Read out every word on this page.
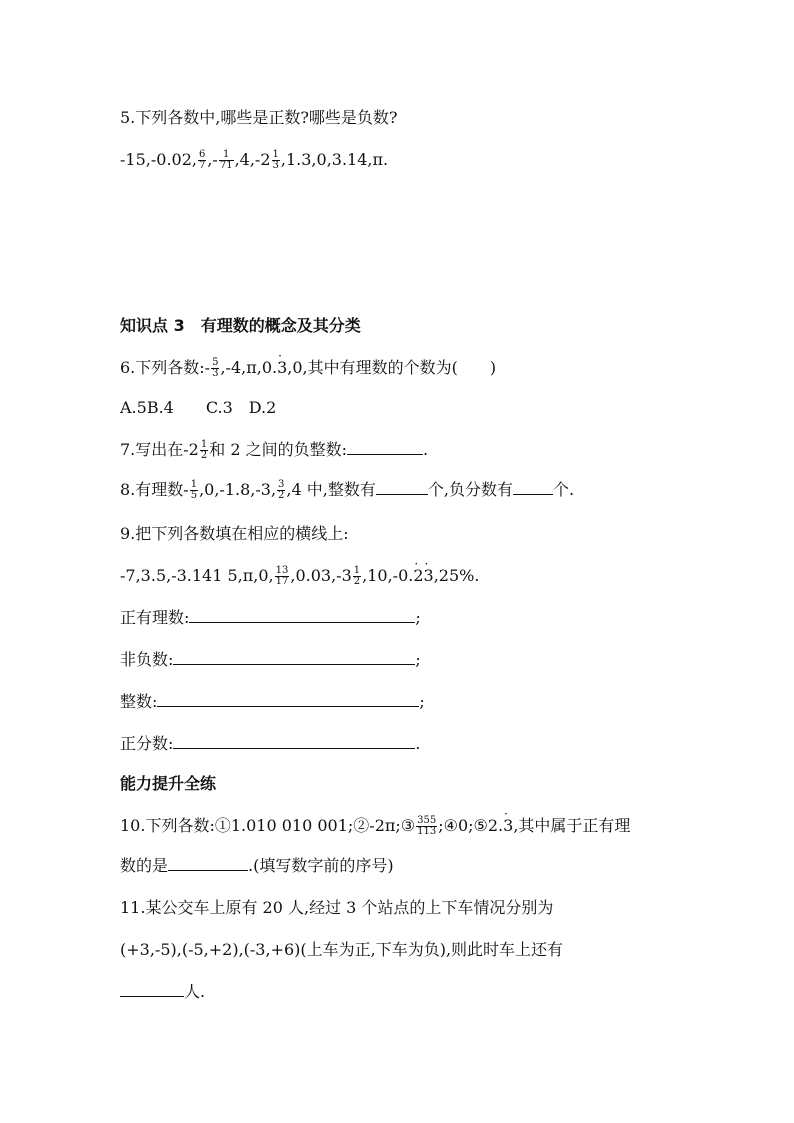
5.下列各数中,哪些是正数?哪些是负数?
-15,-0.02, $\frac{6}{7}$ ,- $\frac{1}{71} ,4,-2 \frac{1}{3} ,1.3,0,3.14,\pi$.
知识点 3　有理数的概念及其分类
6.下列各数:- $\frac{5}{3} ,-4,\pi,0.\cdot 3,0$,其中有理数的个数为(　　)
A.5B.4　　C.3　D.2
7.写出在$-2 \frac{1}{2}$ 和 2 之间的负整数:	.
8.有理数- $\frac{1}{5} ,0,-1.8,-3$, $\frac{3}{2} ,4$ 中,整数有	个,负分数有	个.
9.把下列各数填在相应的横线上:
-7,3.5,-3.141 5,π,0, $\frac{13}{17} ,0.03,-3 \frac{1}{2} ,10,-0.\cdot 2\cdot 3,25\%$.
正有理数:	;
非负数:	;
整数:	;
正分数:	.
能力提升全练
10.下列各数:①1.010 010 001;②-2π;③ $\frac{355}{113}$ ;④0;⑤2.· 3,其中属于正有理
数的是	.(填写数字前的序号)
11.某公交车上原有 20 人,经过 3 个站点的上下车情况分别为
(+3,-5),(-5,+2),(-3,+6)(上车为正,下车为负),则此时车上还有
人.
